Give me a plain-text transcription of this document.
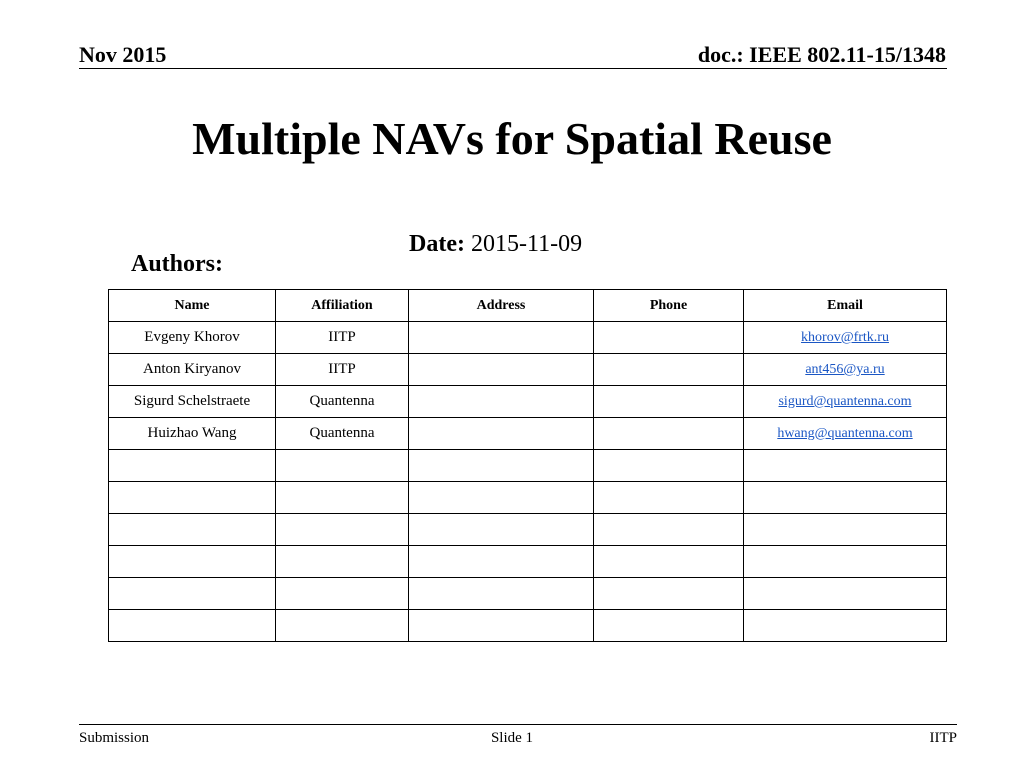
Nov 2015	doc.: IEEE 802.11-15/1348
Multiple NAVs for Spatial Reuse
Date: 2015-11-09
Authors:
Name	Affiliation	Address	Phone	Email
Evgeny Khorov	IITP			khorov@frtk.ru
Anton Kiryanov	IITP			ant456@ya.ru
Sigurd Schelstraete	Quantenna			sigurd@quantenna.com
Huizhao Wang	Quantenna			hwang@quantenna.com

Submission	Slide 1	IITP
